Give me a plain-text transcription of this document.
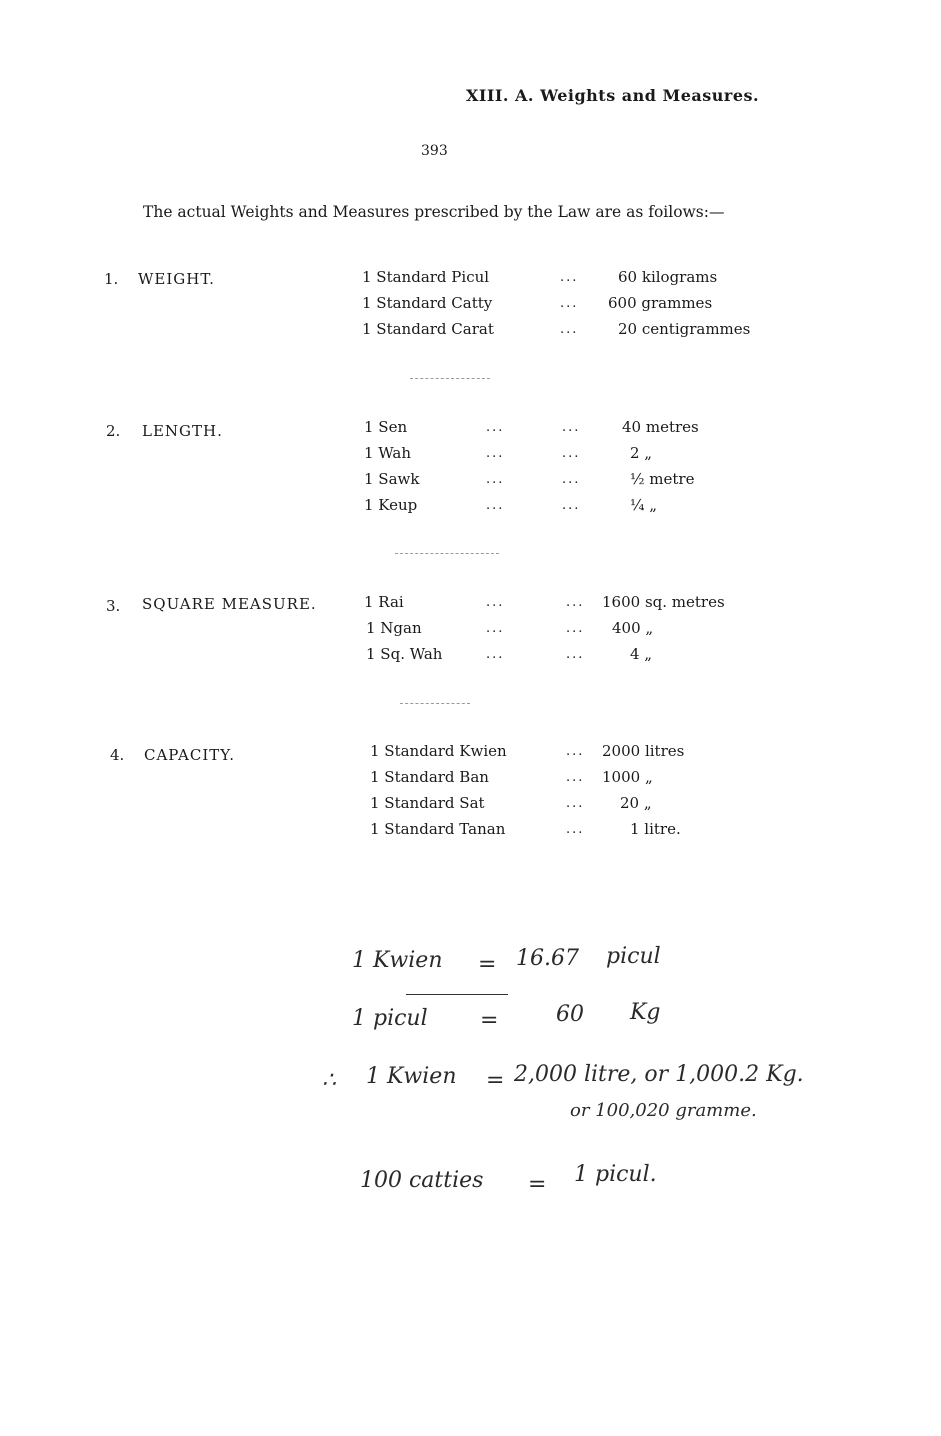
XIII. A. Weights and Measures.
393
The actual Weights and Measures prescribed by the Law are as foilows:—
1. WEIGHT.	1 Standard Picul	...	60 kilograms
1 Standard Catty	... 600 grammes
1 Standard Carat	...	20 centigrammes
2. LENGTH.	1 Sen	...	...	40 metres
1 Wah	...	...	2 „
1 Sawk	...	...	½ metre
1 Keup	...	...	¼ „
3. SQUARE MEASURE.	1 Rai	...	... 1600 sq. metres
1 Ngan	...	... 400 „
1 Sq. Wah	...	...	4 „
4. CAPACITY.	1 Standard Kwien	... 2000 litres
1 Standard Ban	... 1000 „
1 Standard Sat	... 20 „
1 Standard Tanan	...	1 litre.
1 Kwien = 16.67 picul
1 picul =	60 Kg
∴ 1 Kwien = 2,000 litre, or 1,000.2 Kg.
or 100,020 gramme.
100 catties = 1 picul.
